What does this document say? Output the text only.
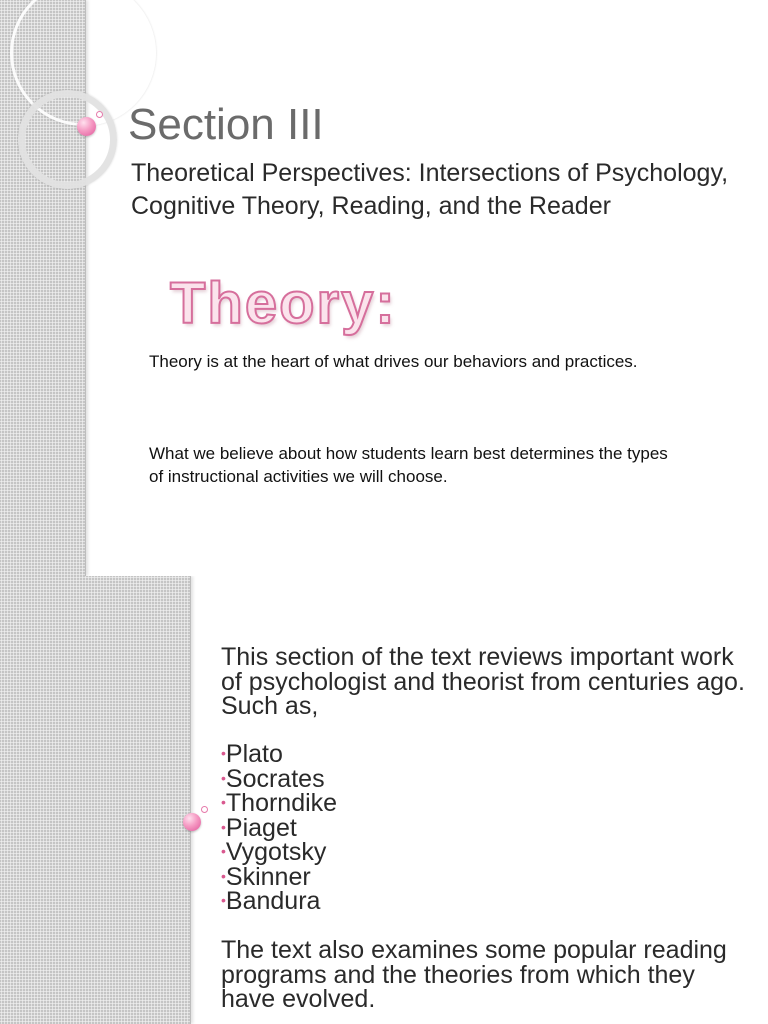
Section III

Theoretical Perspectives: Intersections of Psychology, Cognitive Theory, Reading, and the Reader

Theory:

Theory is at the heart of what drives our behaviors and practices.

What we believe about how students learn best determines the types of instructional activities we will choose.

This section of the text reviews important work of psychologist and theorist from centuries ago. Such as,

•Plato
•Socrates
•Thorndike
•Piaget
•Vygotsky
•Skinner
•Bandura

The text also examines some popular reading programs and the theories from which they have evolved.
